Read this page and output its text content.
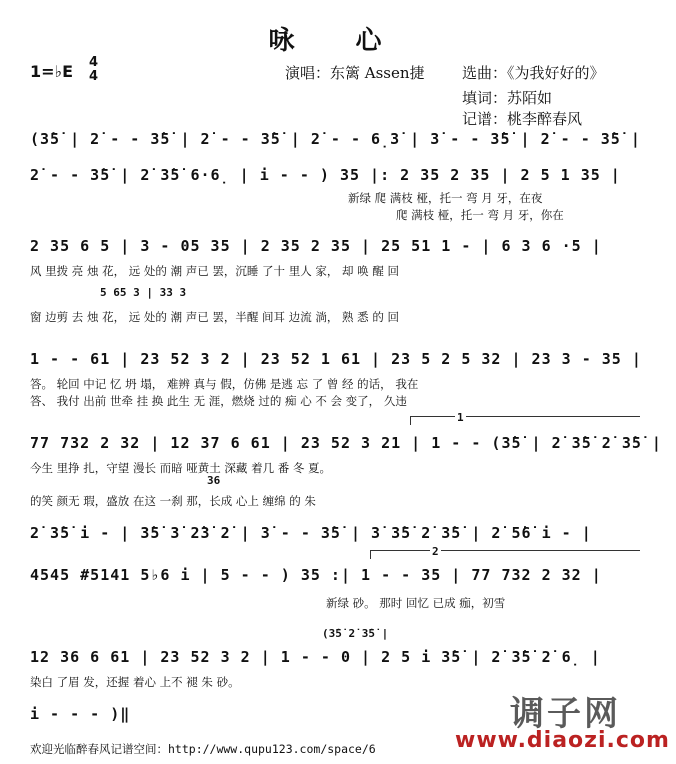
咏 心
1=♭E 4
4	演唱：东篱 Assen捷 选曲：《为我好好的》
填词：苏陌如
记谱：桃李醉春风
(3̇5̇ | 2̇ - - 3̇5̇ | 2̇ - - 3̇5̇ | 2̇ - - 6̣3̇ | 3̇ - - 3̇5̇ | 2̇ - - 3̇5̇ |
2̇ - - 3̇5̇ | 2̇ 3̇5̇ 6·6̣ | i - - ) 35 |: 2 35 2 35 | 2 5 1 35 |
新绿 爬 满枝 桠，托一 弯 月 牙，在夜
爬 满枝 桠，托一 弯 月 牙，你在
2 35 6 5 | 3 - 05 35 | 2 35 2 35 | 25 51 1 - | 6 3 6 ·5 |
风 里拨 亮 烛 花， 远 处的 潮 声已 罢，沉睡 了十 里人 家， 却 唤 醒 回
5 65 3 | 33 3
窗 边剪 去 烛 花， 远 处的 潮 声已 罢，半醒 间耳 边流 淌， 熟 悉 的 回
1 - - 61 | 23 52 3 2 | 23 52 1 61 | 23 5 2 5 32 | 23 3 - 35 |
答。 轮回 中记 忆 坍 塌， 难辨 真与 假，仿佛 是逃 忘 了 曾 经 的话， 我在
答、 我付 出前 世牵 挂 换 此生 无 涯，燃烧 过的 痴 心 不 会 变了， 久违
1
77 732 2 32 | 12 37 6 61 | 23 52 3 21 | 1 - - (3̇5̇ | 2̇ 3̇5̇ 2̇ 3̇5̇ |
今生 里挣 扎，守望 漫长 而暗 哑黄土 深藏 着几 番 冬 夏。
36
的笑 颜无 瑕，盛放 在这 一刹 那，长成 心上 缠绵 的 朱
2̇ 3̇5̇ i - | 3̇5̇ 3̇ 2̇3̇ 2̇ | 3̇ - - 3̇5̇ | 3̇ 3̇5̇ 2̇ 3̇5̇ | 2̇ 5̇6̇ i - |
2
4545 #5141 5♭6 i | 5 - - ) 35 :| 1 - - 35 | 77 732 2 32 |
新绿 砂。 那时 回忆 已成 痂，初雪
(3̇5̇ 2̇ 3̇5̇ |
12 36 6 61 | 23 52 3 2 | 1 - - 0 | 2 5 i 3̇5̇ | 2̇ 3̇5̇ 2̇ 6̣ |
染白 了眉 发，还握 着心 上不 褪 朱 砂。
i - - - )‖
欢迎光临醉春风记谱空间：http://www.qupu123.com/space/6
调子网
www.diaozi.com
